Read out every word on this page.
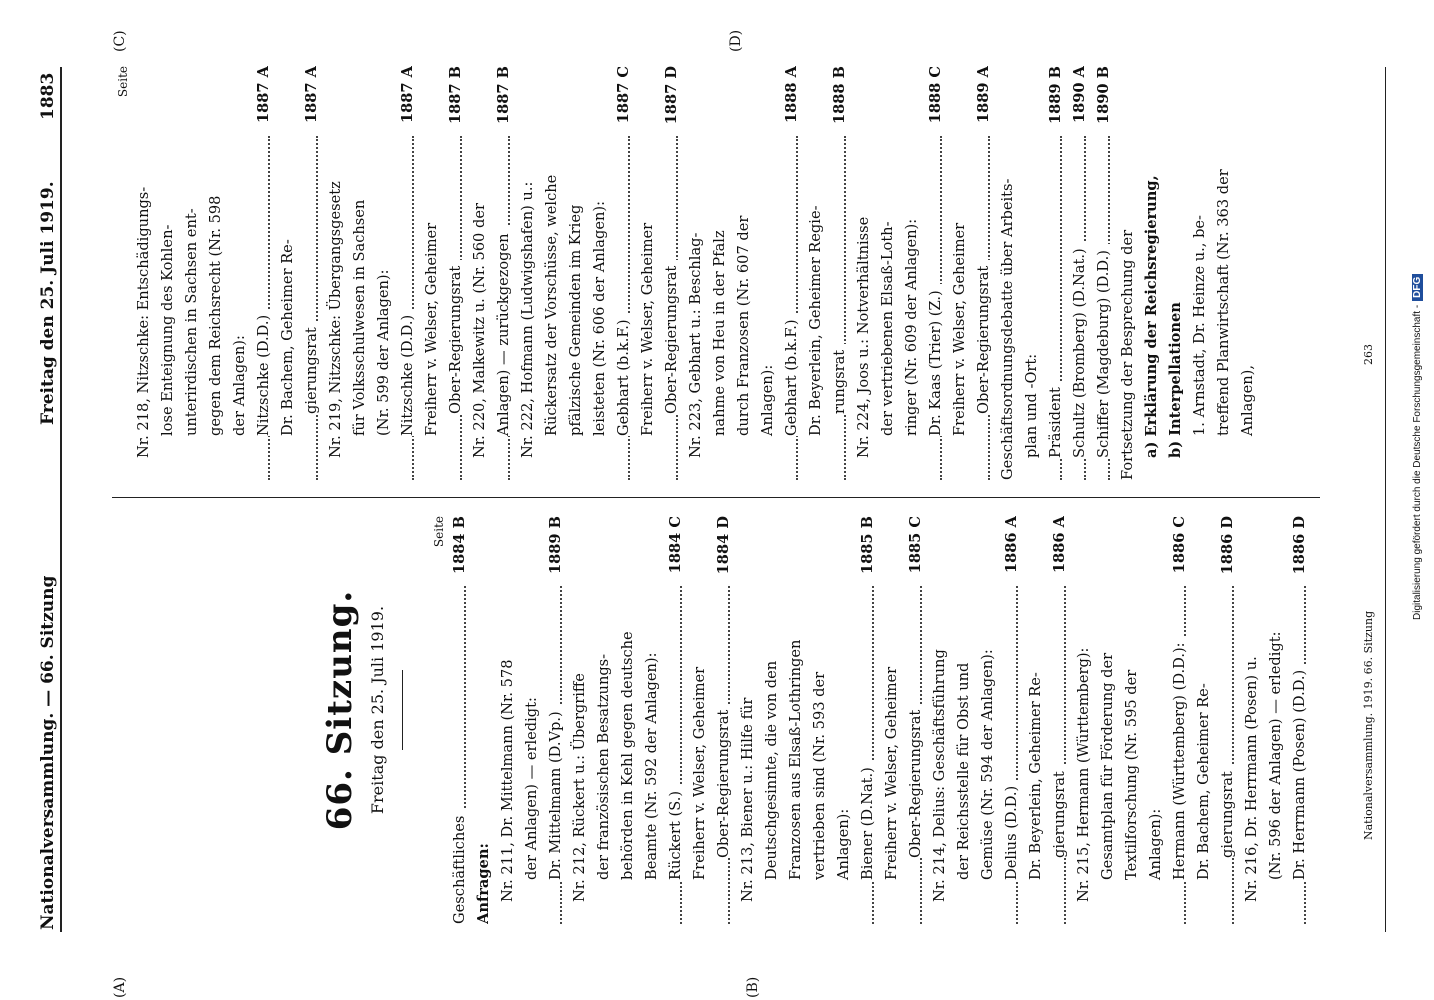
Nationalversammlung. — 66. Sitzung
Freitag den 25. Juli 1919.
1883
(A)	(B)
(C)	(D)
66. Sitzung. Freitag den 25. Juli 1919.
Seite
Geschäftliches
1884 B
Anfragen: Nr. 211, Dr. Mittelmann (Nr. 578 der Anlagen) — erledigt: Dr. Mittelmann (D.Vp.)
1889 B
Nr. 212, Rückert u.: Übergriffe der französischen Besatzungs- behörden in Kehl gegen deutsche Beamte (Nr. 592 der Anlagen): Rückert (S.)
1884 C
Freiherr v. Welser, Geheimer Ober-Regierungsrat
1884 D
Nr. 213, Biener u.: Hilfe für Deutschgesinnte, die von den Franzosen aus Elsaß-Lothringen vertrieben sind (Nr. 593 der Anlagen): Biener (D.Nat.)
1885 B
Freiherr v. Welser, Geheimer Ober-Regierungsrat
1885 C
Nr. 214, Delius: Geschäftsführung der Reichsstelle für Obst und Gemüse (Nr. 594 der Anlagen): Delius (D.D.)
1886 A
Dr. Beyerlein, Geheimer Re- gierungsrat
1886 A
Nr. 215, Hermann (Württemberg): Gesamtplan für Förderung der Textilforschung (Nr. 595 der Anlagen): Hermann (Württemberg) (D.D.):
1886 C
Dr. Bachem, Geheimer Re- gierungsrat
1886 D
Nr. 216, Dr. Herrmann (Posen) u. (Nr. 596 der Anlagen) — erledigt: Dr. Herrmann (Posen) (D.D.)
1886 D
Seite
Nr. 218, Nitzschke: Entschädigungs- lose Enteignung des Kohlen- unterirdischen in Sachsen ent- gegen dem Reichsrecht (Nr. 598 der Anlagen): Nitzschke (D.D.)
1887 A
Dr. Bachem, Geheimer Re- gierungsrat
1887 A
Nr. 219, Nitzschke: Übergangsgesetz für Volksschulwesen in Sachsen (Nr. 599 der Anlagen): Nitzschke (D.D.)
1887 A
Freiherr v. Welser, Geheimer Ober-Regierungsrat
1887 B
Nr. 220, Malkewitz u. (Nr. 560 der Anlagen) — zurückgezogen
1887 B
Nr. 222, Hofmann (Ludwigshafen) u.: Rückersatz der Vorschüsse, welche pfälzische Gemeinden im Krieg leisteten (Nr. 606 der Anlagen): Gebhart (b.k.F.)
1887 C
Freiherr v. Welser, Geheimer Ober-Regierungsrat
1887 D
Nr. 223, Gebhart u.: Beschlag- nahme von Heu in der Pfalz durch Franzosen (Nr. 607 der Anlagen): Gebhart (b.k.F.)
1888 A
Dr. Beyerlein, Geheimer Regie- rungsrat
1888 B
Nr. 224, Joos u.: Notverhältnisse der vertriebenen Elsaß-Loth- ringer (Nr. 609 der Anlagen): Dr. Kaas (Trier) (Z.)
1888 C
Freiherr v. Welser, Geheimer Ober-Regierungsrat
1889 A
Geschäftsordnungsdebatte über Arbeits- plan und -Ort: Präsident
1889 B
Schultz (Bromberg) (D.Nat.)
1890 A
Schiffer (Magdeburg) (D.D.)
1890 B
Fortsetzung der Besprechung der a) Erklärung der Reichsregierung, b) Interpellationen 1. Arnstadt, Dr. Heinze u., be- treffend Planwirtschaft (Nr. 363 der Anlagen),
Nationalversammlung. 1919. 66. Sitzung
263	Digitalisierung gefördert durch die Deutsche Forschungsgemeinschaft -DFG
